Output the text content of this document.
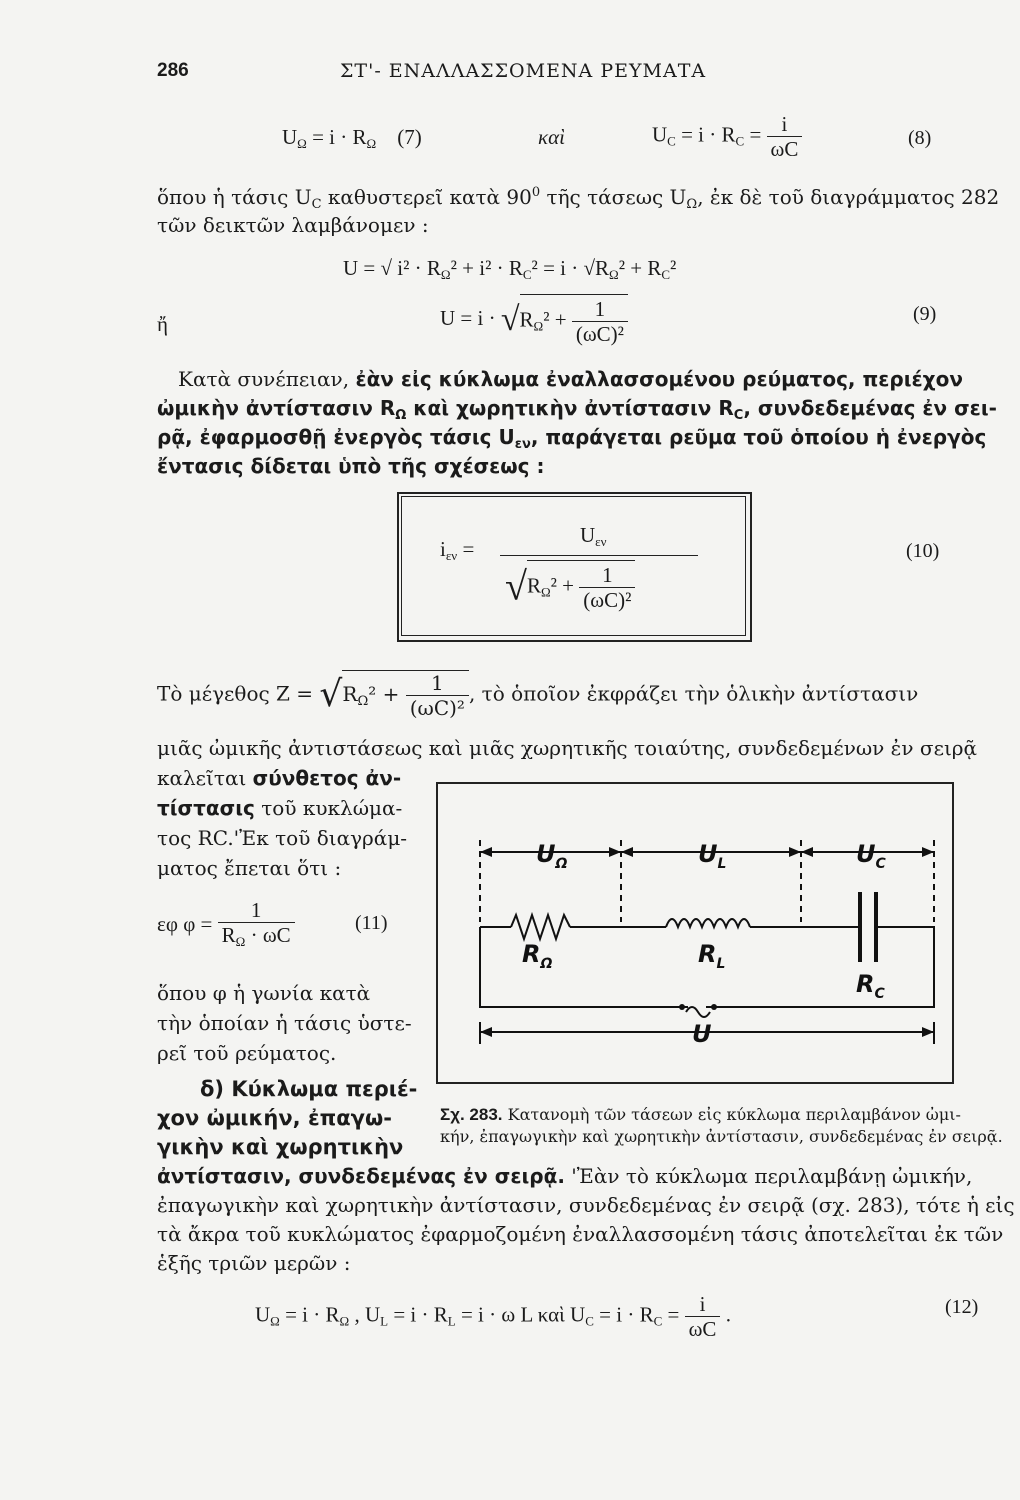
286	ΣΤ'- ΕΝΑΛΛΑΣΣΟΜΕΝΑ ΡΕΥΜΑΤΑ
$U_\Omega = i \cdot R_\Omega$ (7)	καὶ	$U_C = i \cdot R_C = \frac{i}{\omega C}$	(8)
ὅπου ἡ τάσις $U_C$ καθυστερεῖ κατὰ $90^0$ τῆς τάσεως $U_\Omega$, ἐκ δὲ τοῦ διαγράμματος 282
τῶν δεικτῶν λαμβάνομεν :
U = √ $i^2 \cdot R_\Omega^2 + i^2 \cdot R_C^2 = i \cdot √R_\Omega^2 + R_C^2$
ἤ	$U = i \cdot √R_\Omega^2 + \frac{1}{\text{(ωC)²}}$	(9)
Κατὰ συνέπειαν, ἐὰν εἰς κύκλωμα ἐναλλασσομένου ρεύματος, περιέχον
ὠμικὴν ἀντίστασιν $R_\Omega$ καὶ χωρητικὴν ἀντίστασιν $R_C$, συνδεδεμένας ἐν σει-
ρᾷ, ἐφαρμοσθῇ ἐνεργὸς τάσις $U_{\varepsilon\nu}$, παράγεται ρεῦμα τοῦ ὁποίου ἡ ἐνεργὸς
ἔντασις δίδεται ὑπὸ τῆς σχέσεως :
$i_{\varepsilon\nu}$ =
$U_{\varepsilon\nu}$
$√R_\Omega^2 + \frac{1}{\text{(ωC)²}}$
(10)
Τὸ μέγεθος $Z = √R_\Omega^2 + \frac{1}{\text{(ωC)²}}$ , τὸ ὁποῖον ἐκφράζει τὴν ὁλικὴν ἀντίστασιν
μιᾶς ὠμικῆς ἀντιστάσεως καὶ μιᾶς χωρητικῆς τοιαύτης, συνδεδεμένων ἐν σειρᾷ
καλεῖται σύνθετος ἀν-
τίστασις τοῦ κυκλώμα-
τος RC.'Ἐκ τοῦ διαγράμ-
ματος ἔπεται ὅτι :
εφ $\varphi = \frac{1}{R_\Omega \cdot \omega C}$	(11)
ὅπου φ ἡ γωνία κατὰ
τὴν ὁποίαν ἡ τάσις ὑστε-
ρεῖ τοῦ ρεύματος.
$U_\Omega$	$U_L$	$U_C$
$R_\Omega$	$R_L$
$R_C$
U
Σχ. 283. Κατανομὴ τῶν τάσεων εἰς κύκλωμα περιλαμβάνον ὠμι-
κήν, ἐπαγωγικὴν καὶ χωρητικὴν ἀντίστασιν, συνδεδεμένας ἐν σειρᾷ.
δ) Κύκλωμα περιέ-
χον ὠμικήν, ἐπαγω-
γικὴν καὶ χωρητικὴν
ἀντίστασιν, συνδεδεμένας ἐν σειρᾷ. 'Ἐὰν τὸ κύκλωμα περιλαμβάνῃ ὠμικήν,
ἐπαγωγικὴν καὶ χωρητικὴν ἀντίστασιν, συνδεδεμένας ἐν σειρᾷ (σχ. 283), τότε ἡ εἰς
τὰ ἄκρα τοῦ κυκλώματος ἐφαρμοζομένη ἐναλλασσομένη τάσις ἀποτελεῖται ἐκ τῶν
ἑξῆς τριῶν μερῶν :
$U_\Omega = i \cdot R_\Omega$ , $U_L = i \cdot R_L = i \cdot \omega$ L καὶ $U_C = i \cdot R_C = \frac{i}{\omega C}$ .	(12)
